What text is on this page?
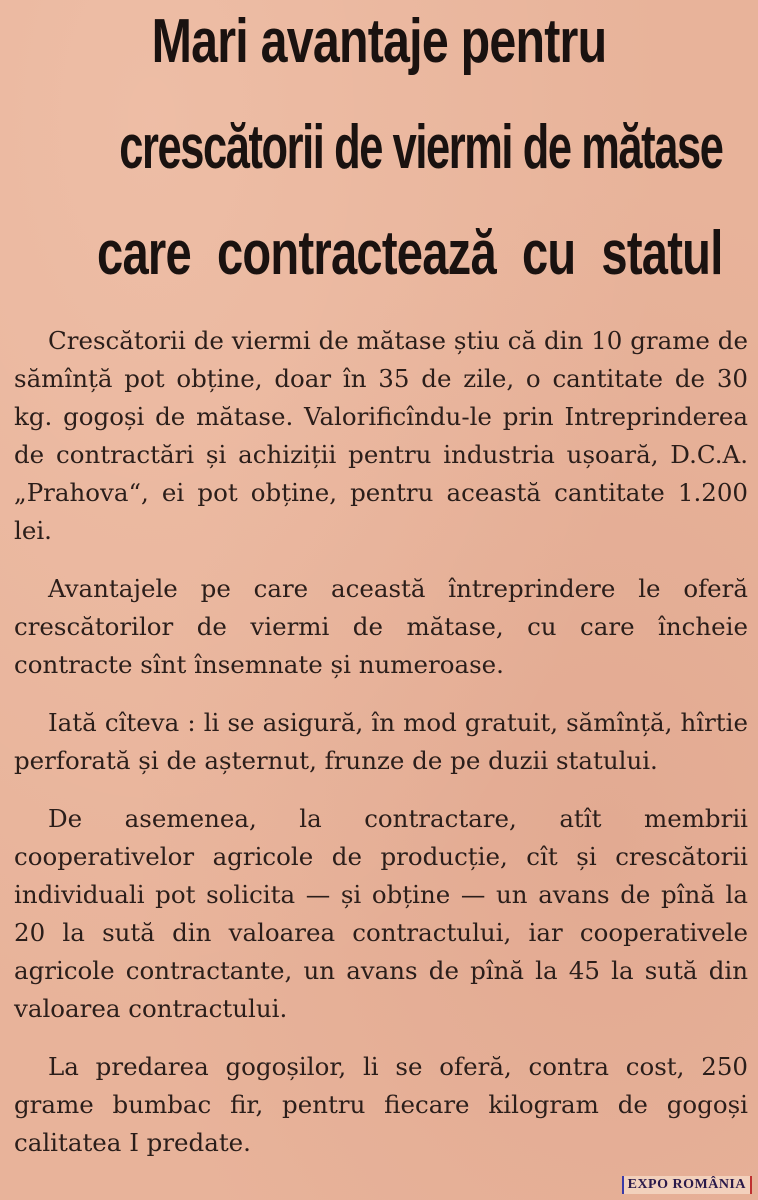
Mari avantaje pentru
crescătorii de viermi de mătase
care contractează cu statul

Crescătorii de viermi de mătase știu că din 10 grame de sămînță pot obține, doar în 35 de zile, o cantitate de 30 kg. gogoși de mătase. Valorificîndu-le prin Intreprinderea de contractări și achiziții pentru industria ușoară, D.C.A. „Prahova“, ei pot obține, pentru această cantitate 1.200 lei.

Avantajele pe care această întreprindere le oferă crescătorilor de viermi de mătase, cu care încheie contracte sînt însemnate și numeroase.

Iată cîteva : li se asigură, în mod gratuit, sămînță, hîrtie perforată și de așternut, frunze de pe duzii statului.

De asemenea, la contractare, atît membrii cooperativelor agricole de producție, cît și crescătorii individuali pot solicita — și obține — un avans de pînă la 20 la sută din valoarea contractului, iar cooperativele agricole contractante, un avans de pînă la 45 la sută din valoarea contractului.

La predarea gogoșilor, li se oferă, contra cost, 250 grame bumbac fir, pentru fiecare kilogram de gogoși calitatea I predate.

EXPO ROMÂNIA
